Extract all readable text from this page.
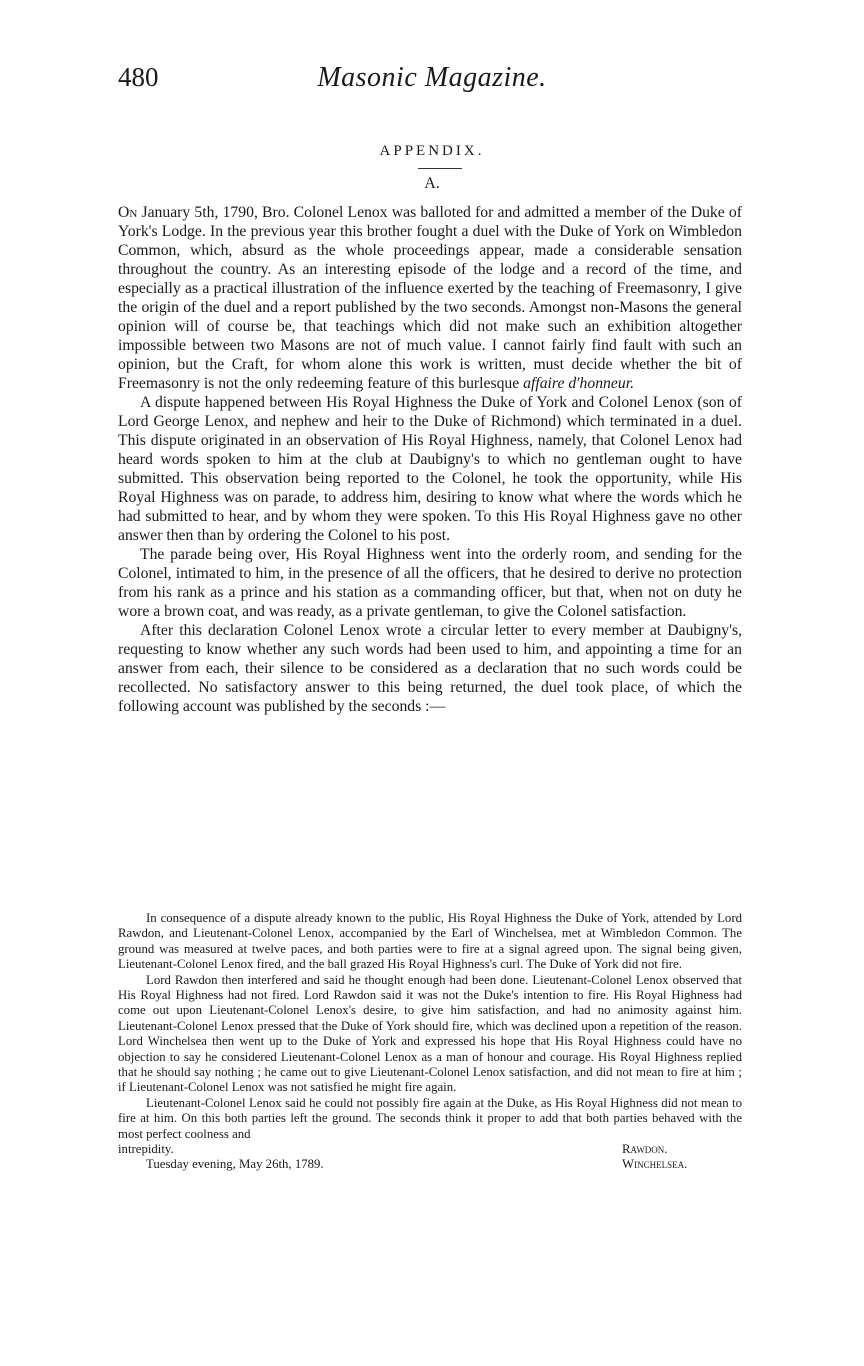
480	Masonic Magazine.
APPENDIX.
A.

On January 5th, 1790, Bro. Colonel Lenox was balloted for and admitted a member of the Duke of York's Lodge. In the previous year this brother fought a duel with the Duke of York on Wimbledon Common, which, absurd as the whole proceedings appear, made a considerable sensation throughout the country. As an interesting episode of the lodge and a record of the time, and especially as a practical illustration of the influence exerted by the teaching of Freemasonry, I give the origin of the duel and a report published by the two seconds. Amongst non-Masons the general opinion will of course be, that teachings which did not make such an exhibition altogether impossible between two Masons are not of much value. I cannot fairly find fault with such an opinion, but the Craft, for whom alone this work is written, must decide whether the bit of Freemasonry is not the only redeeming feature of this burlesque affaire d'honneur.

A dispute happened between His Royal Highness the Duke of York and Colonel Lenox (son of Lord George Lenox, and nephew and heir to the Duke of Richmond) which terminated in a duel. This dispute originated in an observation of His Royal Highness, namely, that Colonel Lenox had heard words spoken to him at the club at Daubigny's to which no gentleman ought to have submitted. This observation being reported to the Colonel, he took the opportunity, while His Royal Highness was on parade, to address him, desiring to know what where the words which he had submitted to hear, and by whom they were spoken. To this His Royal Highness gave no other answer then than by ordering the Colonel to his post.

The parade being over, His Royal Highness went into the orderly room, and sending for the Colonel, intimated to him, in the presence of all the officers, that he desired to derive no protection from his rank as a prince and his station as a commanding officer, but that, when not on duty he wore a brown coat, and was ready, as a private gentleman, to give the Colonel satisfaction.

After this declaration Colonel Lenox wrote a circular letter to every member at Daubigny's, requesting to know whether any such words had been used to him, and appointing a time for an answer from each, their silence to be considered as a declaration that no such words could be recollected. No satisfactory answer to this being returned, the duel took place, of which the following account was published by the seconds :—

In consequence of a dispute already known to the public, His Royal Highness the Duke of York, attended by Lord Rawdon, and Lieutenant-Colonel Lenox, accompanied by the Earl of Winchelsea, met at Wimbledon Common. The ground was measured at twelve paces, and both parties were to fire at a signal agreed upon. The signal being given, Lieutenant-Colonel Lenox fired, and the ball grazed His Royal Highness's curl. The Duke of York did not fire.

Lord Rawdon then interfered and said he thought enough had been done. Lieutenant-Colonel Lenox observed that His Royal Highness had not fired. Lord Rawdon said it was not the Duke's intention to fire. His Royal Highness had come out upon Lieutenant-Colonel Lenox's desire, to give him satisfaction, and had no animosity against him. Lieutenant-Colonel Lenox pressed that the Duke of York should fire, which was declined upon a repetition of the reason. Lord Winchelsea then went up to the Duke of York and expressed his hope that His Royal Highness could have no objection to say he considered Lieutenant-Colonel Lenox as a man of honour and courage. His Royal Highness replied that he should say nothing ; he came out to give Lieutenant-Colonel Lenox satisfaction, and did not mean to fire at him ; if Lieutenant-Colonel Lenox was not satisfied he might fire again.

Lieutenant-Colonel Lenox said he could not possibly fire again at the Duke, as His Royal Highness did not mean to fire at him. On this both parties left the ground. The seconds think it proper to add that both parties behaved with the most perfect coolness and

intrepidity.	Rawdon.
Tuesday evening, May 26th, 1789.	Winchelsea.
